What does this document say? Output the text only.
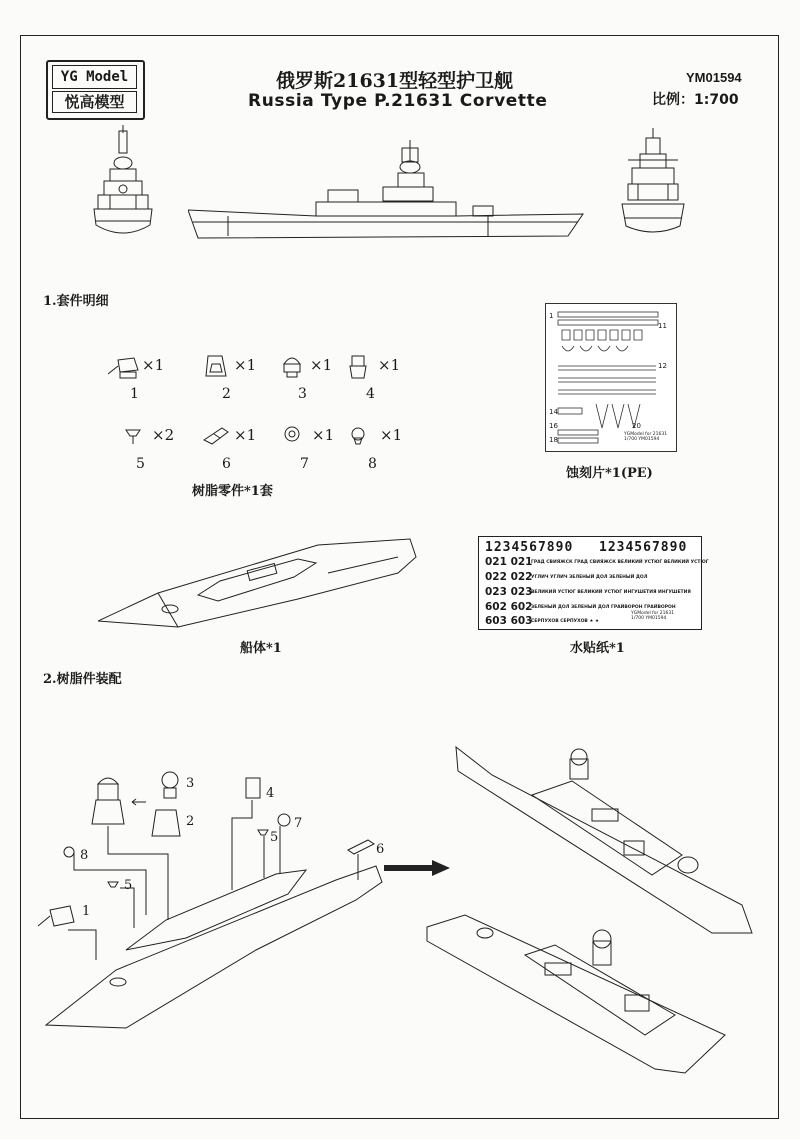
YG Model
悦高模型
俄罗斯21631型轻型护卫舰
Russia Type P.21631 Corvette
YM01594
比例：1:700
1.套件明细
×1
1
×1
2
×1
3
×1
4
×2
5
×1
6
×1
7
×1
8
树脂零件*1套
1
11
12
14
16
18
20
YGModel for 21631
1/700 YM01594
蚀刻片*1(PE)
船体*1
1234567890 1234567890
021 021
ГРАД СВИЯЖСК ГРАД СВИЯЖСК ВЕЛИКИЙ УСТЮГ ВЕЛИКИЙ УСТЮГ
022 022
УГЛИЧ УГЛИЧ ЗЕЛЕНЫЙ ДОЛ ЗЕЛЕНЫЙ ДОЛ
023 023
ВЕЛИКИЙ УСТЮГ ВЕЛИКИЙ УСТЮГ ИНГУШЕТИЯ ИНГУШЕТИЯ
602 602
ЗЕЛЕНЫЙ ДОЛ ЗЕЛЕНЫЙ ДОЛ ГРАЙВОРОН ГРАЙВОРОН
603 603
СЕРПУХОВ СЕРПУХОВ ★ ★
YGModel for 21631
1/700 YM01594
水贴纸*1
2.树脂件装配
1
2
3
4
5
5
6
7
8
